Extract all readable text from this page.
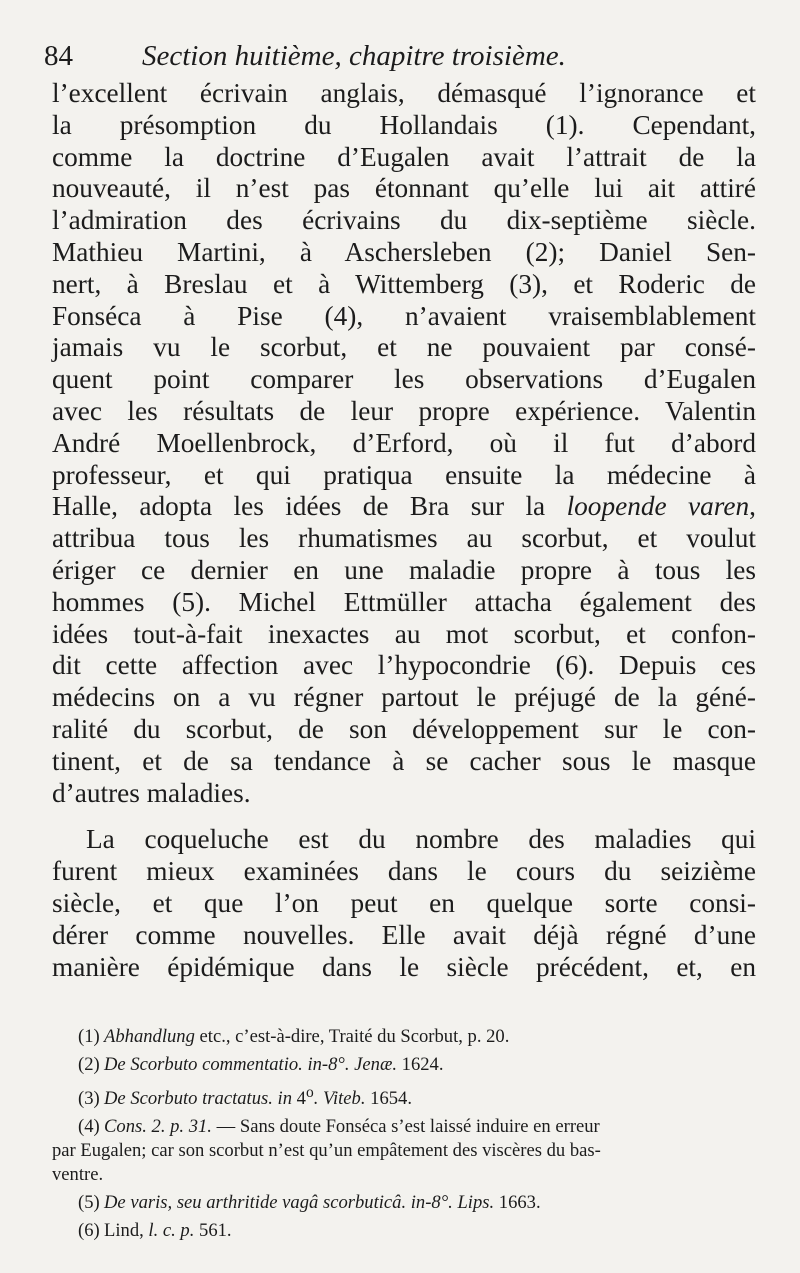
84 Section huitième, chapitre troisième.
l’excellent écrivain anglais, démasqué l’ignorance et
la présomption du Hollandais (1). Cependant,
comme la doctrine d’Eugalen avait l’attrait de la
nouveauté, il n’est pas étonnant qu’elle lui ait attiré
l’admiration des écrivains du dix-septième siècle.
Mathieu Martini, à Aschersleben (2); Daniel Sen-
nert, à Breslau et à Wittemberg (3), et Roderic de
Fonséca à Pise (4), n’avaient vraisemblablement
jamais vu le scorbut, et ne pouvaient par consé-
quent point comparer les observations d’Eugalen
avec les résultats de leur propre expérience. Valentin
André Moellenbrock, d’Erford, où il fut d’abord
professeur, et qui pratiqua ensuite la médecine à
Halle, adopta les idées de Bra sur la loopende varen,
attribua tous les rhumatismes au scorbut, et voulut
ériger ce dernier en une maladie propre à tous les
hommes (5). Michel Ettmüller attacha également des
idées tout-à-fait inexactes au mot scorbut, et confon-
dit cette affection avec l’hypocondrie (6). Depuis ces
médecins on a vu régner partout le préjugé de la géné-
ralité du scorbut, de son développement sur le con-
tinent, et de sa tendance à se cacher sous le masque
d’autres maladies.
La coqueluche est du nombre des maladies qui
furent mieux examinées dans le cours du seizième
siècle, et que l’on peut en quelque sorte consi-
dérer comme nouvelles. Elle avait déjà régné d’une
manière épidémique dans le siècle précédent, et, en
(1) Abhandlung etc., c’est-à-dire, Traité du Scorbut, p. 20.
(2) De Scorbuto commentatio. in-8°. Jenæ. 1624.
(3) De Scorbuto tractatus. in 4$^o$. Viteb. 1654.
(4) Cons. 2. p. 31. — Sans doute Fonséca s’est laissé induire en erreur
par Eugalen; car son scorbut n’est qu’un empâtement des viscères du bas-
ventre.
(5) De varis, seu arthritide vagâ scorbuticâ. in-8°. Lips. 1663.
(6) Lind, l. c. p. 561.
